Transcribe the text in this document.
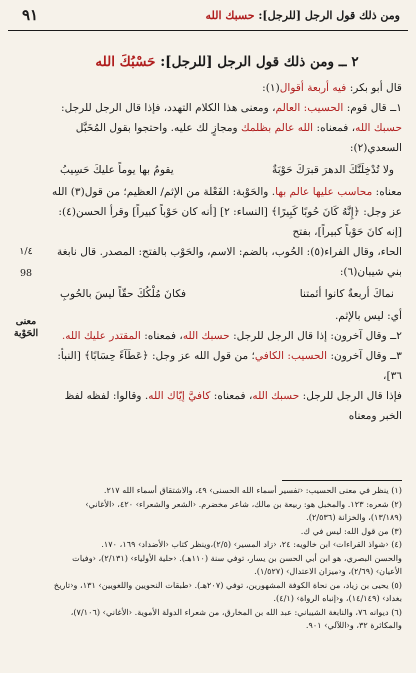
٩١	ومن ذلك قول الرجل [للرجل]: حسبك الله
١/٤
98
معنى الحَوْبة
٢ ــ ومن ذلك قول الرجل [للرجل]: حَسْبُكَ الله

قال أبو بكر: فيه أربعة أقوال(١):

١ــ قال قوم: الحسيب: العالم، ومعنى هذا الكلام التهدد، فإذا قال الرجل للرجل:

حسبك الله، فمعناه: الله عالم بظلمك ومجازٍ لك عليه. واحتجوا بقول المُخَبَّل

السعدي(٢):

ولا تُدْخِلَنَّكَ الدهرَ قبرَكَ حَوْبَةٌ
يقومُ بها يوماً عليكَ حَسِيبُ

معناه: محاسب عليها عالم بها. والحَوْبة: الفَعْلة من الإثم/ العظيم؛ من قول(٣) الله

عز وجل: ﴿إِنَّهُ كَانَ حُوبًا كَبِيرًا﴾ [النساء: ٢] [أنه كان حَوْباً كبيراً] وقرأ الحسن(٤): [إنه كانَ حَوْباً كبيراً]، بفتح

الحاء، وقال الفراء(٥): الحُوب، بالضم: الاسم، والحَوْب بالفتح: المصدر. قال نابغة

بني شيبان(٦):

نماكَ أربعةٌ كانوا أئمتنا
فكانَ مُلْكُكَ حقّاً ليسَ بالحُوبِ

أي: ليس بالإثم.

٢ــ وقال آخرون: إذا قال الرجل للرجل: حسبك الله، فمعناه: المقتدر عليك الله.

٣ــ وقال آخرون: الحسيب: الكافي؛ من قول الله عز وجل: ﴿عَطَآءً حِسَابًا﴾ [النبأ: ٣٦]،

فإذا قال الرجل للرجل: حسبك الله، فمعناه: كافيَّ إيّاك الله. وقالوا: لفظه لفظ الخبر ومعناه

(١) ينظر في معنى الحسيب: ‹تفسير أسماء الله الحسنى› ٤٩، والاشتقاق أسماء الله ٢١٧.

(٢) شعره: ١٢٣. والمخبل هو: ربيعة بن مالك، شاعر مخضرم. ‹الشعر والشعراء› ٤٢٠، ‹الأغاني›

(١٣/١٨٩)، والخزانة (٢/٥٣٦).

(٣) من قول الله: ليس في ك.

(٤) ‹شواذ القراءات› ابن خالويه: ٢٤، ‹زاد المسير› (٢/٥)،وينظر كتاب ‹الأضداد› ١٦٩، ١٧٠.

والحسن البصري، هو ابن أبي الحسن بن يسار، توفي سنة (١١٠هـ). ‹حلية الأولياء› (٢/١٣١)، ‹وفيات

الأعيان› (٢/٦٩)، و‹ميزان الاعتدال› (١/٥٢٧).

(٥) يحيى بن زياد، من نحاة الكوفة المشهورين، توفي (٢٠٧هـ). ‹طبقات النحويين واللغويين› ١٣١، و‹تاريخ

بغداد› (١٤/١٤٩)، و‹إنباه الرواة› (٤/١).

(٦) ديوانه ٧٦، والنابغة الشيباني: عبد الله بن المخارق، من شعراء الدولة الأموية. ‹الأغاني› (٧/١٠٦)،

والمكاثرة ٣٢، و‹اللآلي› ٩٠١.
